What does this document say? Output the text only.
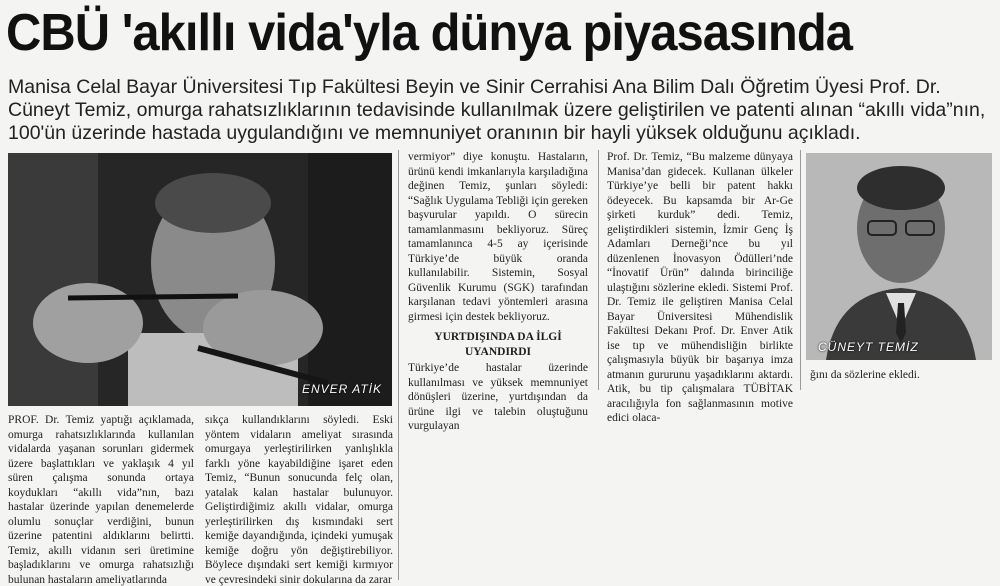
CBÜ 'akıllı vida'yla dünya piyasasında
Manisa Celal Bayar Üniversitesi Tıp Fakültesi Beyin ve Sinir Cerrahisi Ana Bilim Dalı Öğretim Üyesi Prof. Dr. Cüneyt Temiz, omurga rahatsızlıklarının tedavisinde kullanılmak üzere geliştirilen ve patenti alınan “akıllı vida”nın, 100'ün üzerinde hastada uygulandığını ve memnuniyet oranının bir hayli yüksek olduğunu açıkladı.
ENVER ATİK
CÜNEYT TEMİZ

vermiyor” diye konuştu. Hastaların, ürünü kendi imkanlarıyla karşıladığına değinen Temiz, şunları söyledi: “Sağlık Uygulama Tebliği için gereken başvurular yapıldı. O sürecin tamamlanmasını bekliyoruz. Süreç tamamlanınca 4-5 ay içerisinde Türkiye’de büyük oranda kullanılabilir. Sistemin, Sosyal Güvenlik Kurumu (SGK) tarafından karşılanan tedavi yöntemleri arasına girmesi için destek bekliyoruz.

YURTDIŞINDA DA İLGİ UYANDIRDI

Türkiye’de hastalar üzerinde kullanılması ve yüksek memnuniyet dönüşleri üzerine, yurtdışından da ürüne ilgi ve talebin oluştuğunu vurgulayan

Prof. Dr. Temiz, “Bu malzeme dünyaya Manisa’dan gidecek. Kullanan ülkeler Türkiye’ye belli bir patent hakkı ödeyecek. Bu kapsamda bir Ar-Ge şirketi kurduk” dedi. Temiz, geliştirdikleri sistemin, İzmir Genç İş Adamları Derneği’nce bu yıl düzenlenen İnovasyon Ödülleri’nde “İnovatif Ürün” dalında birinciliğe ulaştığını sözlerine ekledi. Sistemi Prof. Dr. Temiz ile geliştiren Manisa Celal Bayar Üniversitesi Mühendislik Fakültesi Dekanı Prof. Dr. Enver Atik ise tıp ve mühendisliğin birlikte çalışmasıyla büyük bir başarıya imza atmanın gururunu yaşadıklarını aktardı. Atik, bu tip çalışmalara TÜBİTAK aracılığıyla fon sağlanmasının motive edici olaca-

PROF. Dr. Temiz yaptığı açıklamada, omurga rahatsızlıklarında kullanılan vidalarda yaşanan sorunları gidermek üzere başlattıkları ve yaklaşık 4 yıl süren çalışma sonunda ortaya koydukları “akıllı vida”nın, bazı hastalar üzerinde yapılan denemelerde olumlu sonuçlar verdiğini, bunun üzerine patentini aldıklarını belirtti. Temiz, akıllı vidanın seri üretimine başladıklarını ve omurga rahatsızlığı bulunan hastaların ameliyatlarında

sıkça kullandıklarını söyledi. Eski yöntem vidaların ameliyat sırasında omurgaya yerleştirilirken yanlışlıkla farklı yöne kayabildiğine işaret eden Temiz, “Bunun sonucunda felç olan, yatalak kalan hastalar bulunuyor. Geliştirdiğimiz akıllı vidalar, omurga yerleştirilirken dış kısmındaki sert kemiğe dayandığında, içindeki yumuşak kemiğe doğru yön değiştirebiliyor. Böylece dışındaki sert kemiği kırmıyor ve çevresindeki sinir dokularına da zarar

ğını da sözlerine ekledi.
